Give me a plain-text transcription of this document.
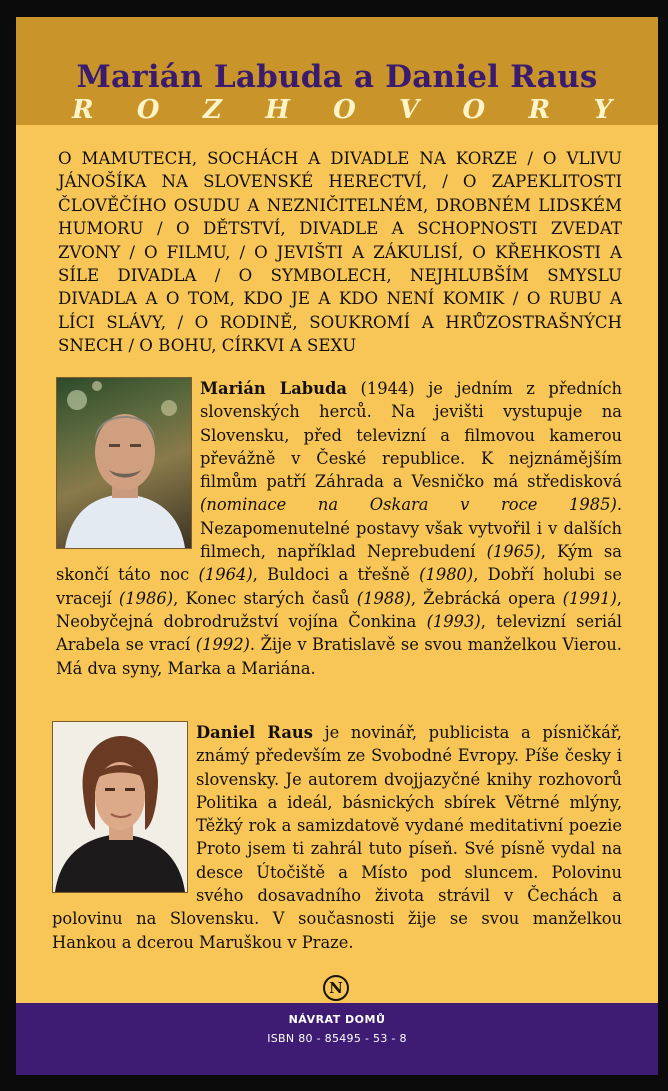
Marián Labuda a Daniel Raus
R O Z H O V O R Y
O MAMUTECH, SOCHÁCH A DIVADLE NA KORZE / O VLIVU JÁNOŠÍKA NA SLOVENSKÉ HERECTVÍ, / O ZAPEKLITOSTI ČLOVĚČÍHO OSUDU A NEZNIČITELNÉM, DROBNÉM LIDSKÉM HUMORU / O DĚTSTVÍ, DIVADLE A SCHOPNOSTI ZVEDAT ZVONY / O FILMU, / O JEVIŠTI A ZÁKULISÍ, O KŘEHKOSTI A SÍLE DIVADLA / O SYMBOLECH, NEJHLUBŠÍM SMYSLU DIVADLA A O TOM, KDO JE A KDO NENÍ KOMIK / O RUBU A LÍCI SLÁVY, / O RODINĚ, SOUKROMÍ A HRŮZOSTRAŠNÝCH SNECH / O BOHU, CÍRKVI A SEXU
Marián Labuda (1944) je jedním z předních slovenských herců. Na jevišti vystupuje na Slovensku, před televizní a filmovou kamerou převážně v České republice. K nejznámějším filmům patří Záhrada a Vesničko má středisková (nominace na Oskara v roce 1985). Nezapomenutelné postavy však vytvořil i v dalších filmech, například Neprebudení (1965), Kým sa skončí táto noc (1964), Buldoci a třešně (1980), Dobří holubi se vracejí (1986), Konec starých časů (1988), Žebrácká opera (1991), Neobyčejná dobrodružství vojína Čonkina (1993), televizní seriál Arabela se vrací (1992). Žije v Bratislavě se svou manželkou Vierou. Má dva syny, Marka a Mariána.
Daniel Raus je novinář, publicista a písničkář, známý především ze Svobodné Evropy. Píše česky i slovensky. Je autorem dvojjazyčné knihy rozhovorů Politika a ideál, básnických sbírek Větrné mlýny, Těžký rok a samizdatově vydané meditativní poezie Proto jsem ti zahrál tuto píseň. Své písně vydal na desce Útočiště a Místo pod sluncem. Polovinu svého dosavadního života strávil v Čechách a polovinu na Slovensku. V současnosti žije se svou manželkou Hankou a dcerou Maruškou v Praze.
N
NÁVRAT DOMŮ
ISBN 80 - 85495 - 53 - 8
